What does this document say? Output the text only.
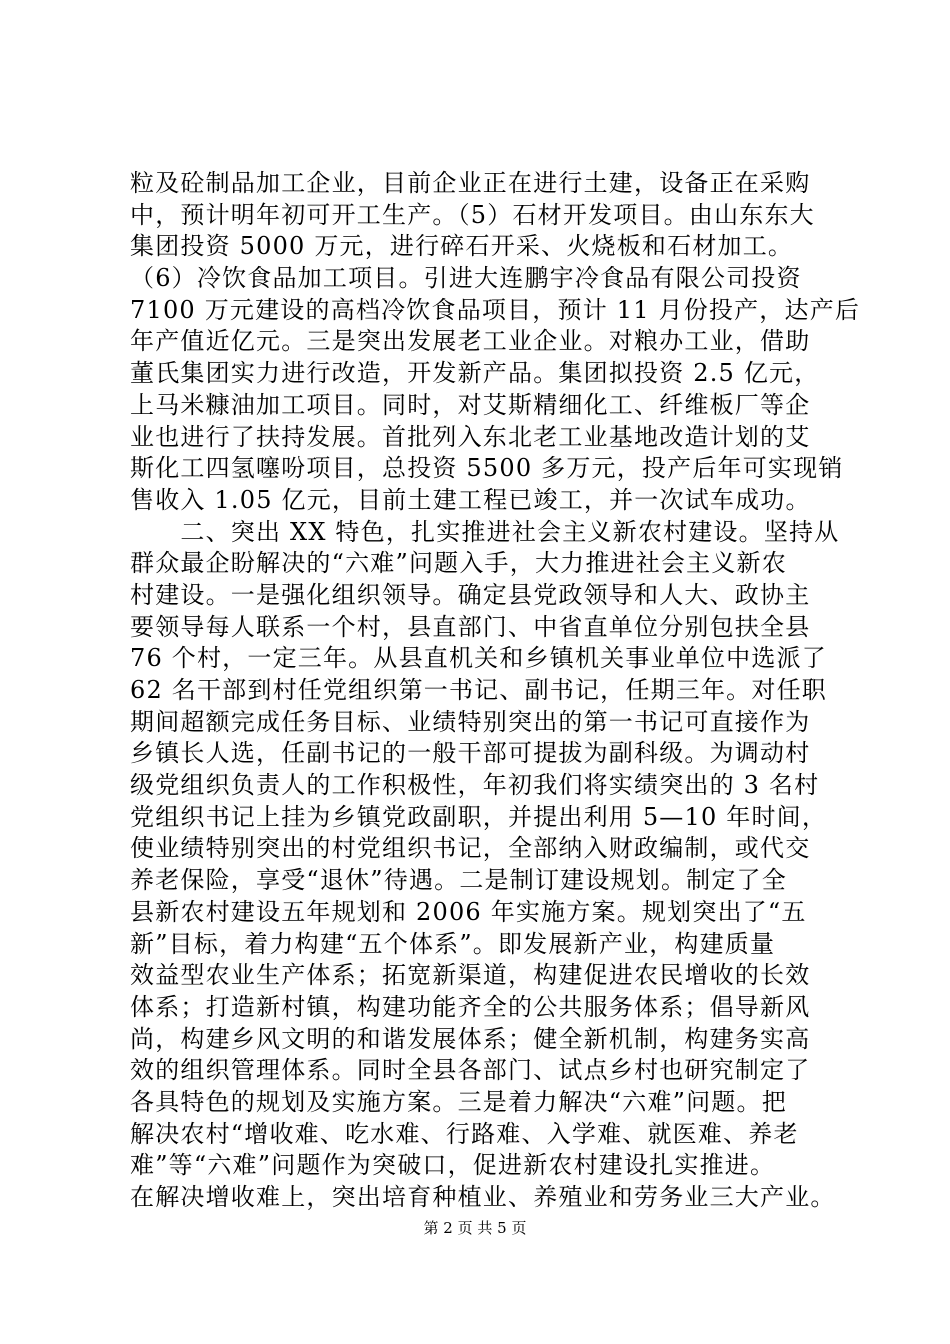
粒及砼制品加工企业，目前企业正在进行土建，设备正在采购
中，预计明年初可开工生产。（5）石材开发项目。由山东东大
集团投资 5000 万元，进行碎石开采、火烧板和石材加工。
（6）冷饮食品加工项目。引进大连鹏宇冷食品有限公司投资
7100 万元建设的高档冷饮食品项目，预计 11 月份投产，达产后
年产值近亿元。三是突出发展老工业企业。对粮办工业，借助
董氏集团实力进行改造，开发新产品。集团拟投资 2.5 亿元，
上马米糠油加工项目。同时，对艾斯精细化工、纤维板厂等企
业也进行了扶持发展。首批列入东北老工业基地改造计划的艾
斯化工四氢噻吩项目，总投资 5500 多万元，投产后年可实现销
售收入 1.05 亿元，目前土建工程已竣工，并一次试车成功。
　　二、突出 XX 特色，扎实推进社会主义新农村建设。坚持从
群众最企盼解决的“六难”问题入手，大力推进社会主义新农
村建设。一是强化组织领导。确定县党政领导和人大、政协主
要领导每人联系一个村，县直部门、中省直单位分别包扶全县
76 个村，一定三年。从县直机关和乡镇机关事业单位中选派了
62 名干部到村任党组织第一书记、副书记，任期三年。对任职
期间超额完成任务目标、业绩特别突出的第一书记可直接作为
乡镇长人选，任副书记的一般干部可提拔为副科级。为调动村
级党组织负责人的工作积极性，年初我们将实绩突出的 3 名村
党组织书记上挂为乡镇党政副职，并提出利用 5—10 年时间，
使业绩特别突出的村党组织书记，全部纳入财政编制，或代交
养老保险，享受“退休”待遇。二是制订建设规划。制定了全
县新农村建设五年规划和 2006 年实施方案。规划突出了“五
新”目标，着力构建“五个体系”。即发展新产业，构建质量
效益型农业生产体系；拓宽新渠道，构建促进农民增收的长效
体系；打造新村镇，构建功能齐全的公共服务体系；倡导新风
尚，构建乡风文明的和谐发展体系；健全新机制，构建务实高
效的组织管理体系。同时全县各部门、试点乡村也研究制定了
各具特色的规划及实施方案。三是着力解决“六难”问题。把
解决农村“增收难、吃水难、行路难、入学难、就医难、养老
难”等“六难”问题作为突破口，促进新农村建设扎实推进。
在解决增收难上，突出培育种植业、养殖业和劳务业三大产业。
第 2 页 共 5 页
